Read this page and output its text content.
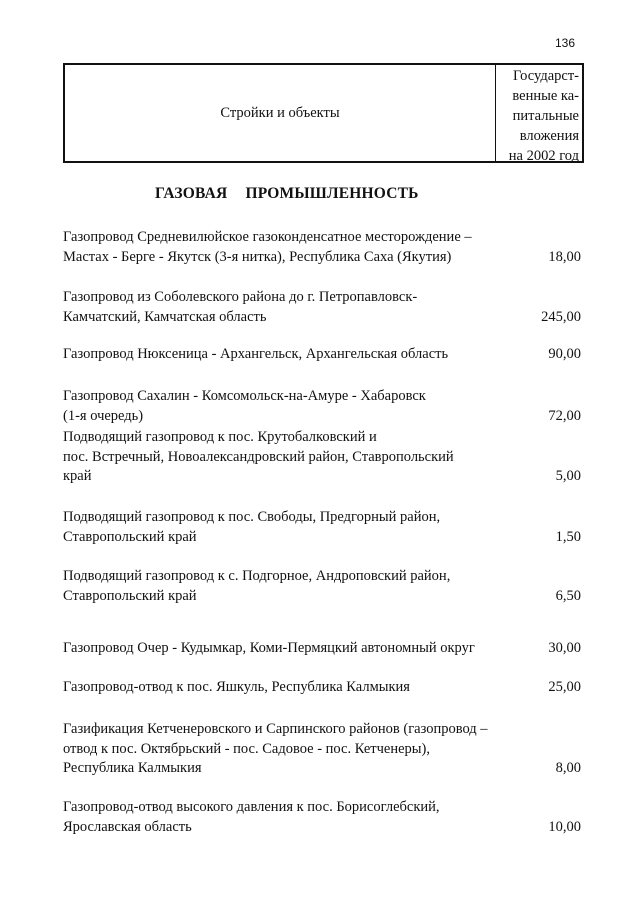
136
Стройки и объекты
Государст-
венные ка-
питальные
вложения
на 2002 год
ГАЗОВАЯ ПРОМЫШЛЕННОСТЬ
Газопровод Средневилюйское газоконденсатное месторождение –
Мастах - Берге - Якутск (3-я нитка), Республика Саха (Якутия)	18,00
Газопровод из Соболевского района до г. Петропавловск-
Камчатский, Камчатская область	245,00
Газопровод Нюксеница - Архангельск, Архангельская область	90,00
Газопровод Сахалин - Комсомольск-на-Амуре - Хабаровск
(1-я очередь)	72,00
Подводящий газопровод к пос. Крутобалковский и
пос. Встречный, Новоалександровский район, Ставропольский
край	5,00
Подводящий газопровод к пос. Свободы, Предгорный район,
Ставропольский край	1,50
Подводящий газопровод к с. Подгорное, Андроповский район,
Ставропольский край	6,50
Газопровод Очер - Кудымкар, Коми-Пермяцкий автономный округ	30,00
Газопровод-отвод к пос. Яшкуль, Республика Калмыкия	25,00
Газификация Кетченеровского и Сарпинского районов (газопровод –
отвод к пос. Октябрьский - пос. Садовое - пос. Кетченеры),
Республика Калмыкия	8,00
Газопровод-отвод высокого давления к пос. Борисоглебский,
Ярославская область	10,00
